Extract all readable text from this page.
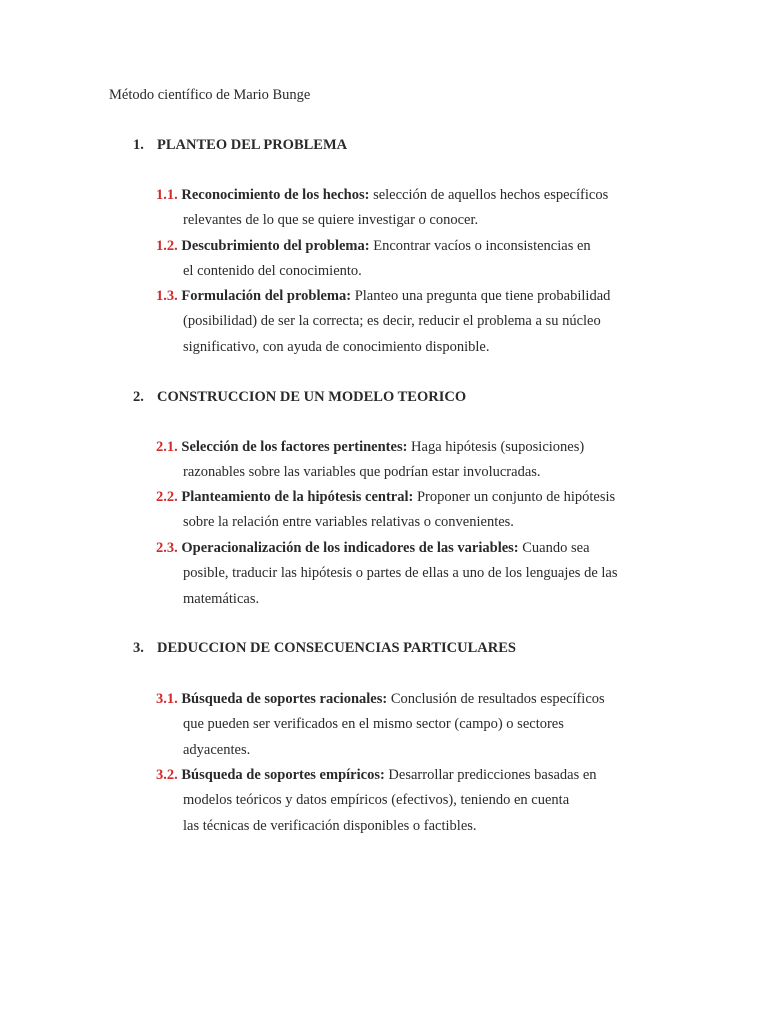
Método científico de Mario Bunge
1. PLANTEO DEL PROBLEMA
1.1. Reconocimiento de los hechos: selección de aquellos hechos específicos
relevantes de lo que se quiere investigar o conocer.
1.2. Descubrimiento del problema: Encontrar vacíos o inconsistencias en
el contenido del conocimiento.
1.3. Formulación del problema: Planteo una pregunta que tiene probabilidad
(posibilidad) de ser la correcta; es decir, reducir el problema a su núcleo
significativo, con ayuda de conocimiento disponible.
2. CONSTRUCCION DE UN MODELO TEORICO
2.1. Selección de los factores pertinentes: Haga hipótesis (suposiciones)
razonables sobre las variables que podrían estar involucradas.
2.2. Planteamiento de la hipótesis central: Proponer un conjunto de hipótesis
sobre la relación entre variables relativas o convenientes.
2.3. Operacionalización de los indicadores de las variables: Cuando sea
posible, traducir las hipótesis o partes de ellas a uno de los lenguajes de las
matemáticas.
3. DEDUCCION DE CONSECUENCIAS PARTICULARES
3.1. Búsqueda de soportes racionales: Conclusión de resultados específicos
que pueden ser verificados en el mismo sector (campo) o sectores
adyacentes.
3.2. Búsqueda de soportes empíricos: Desarrollar predicciones basadas en
modelos teóricos y datos empíricos (efectivos), teniendo en cuenta
las técnicas de verificación disponibles o factibles.
